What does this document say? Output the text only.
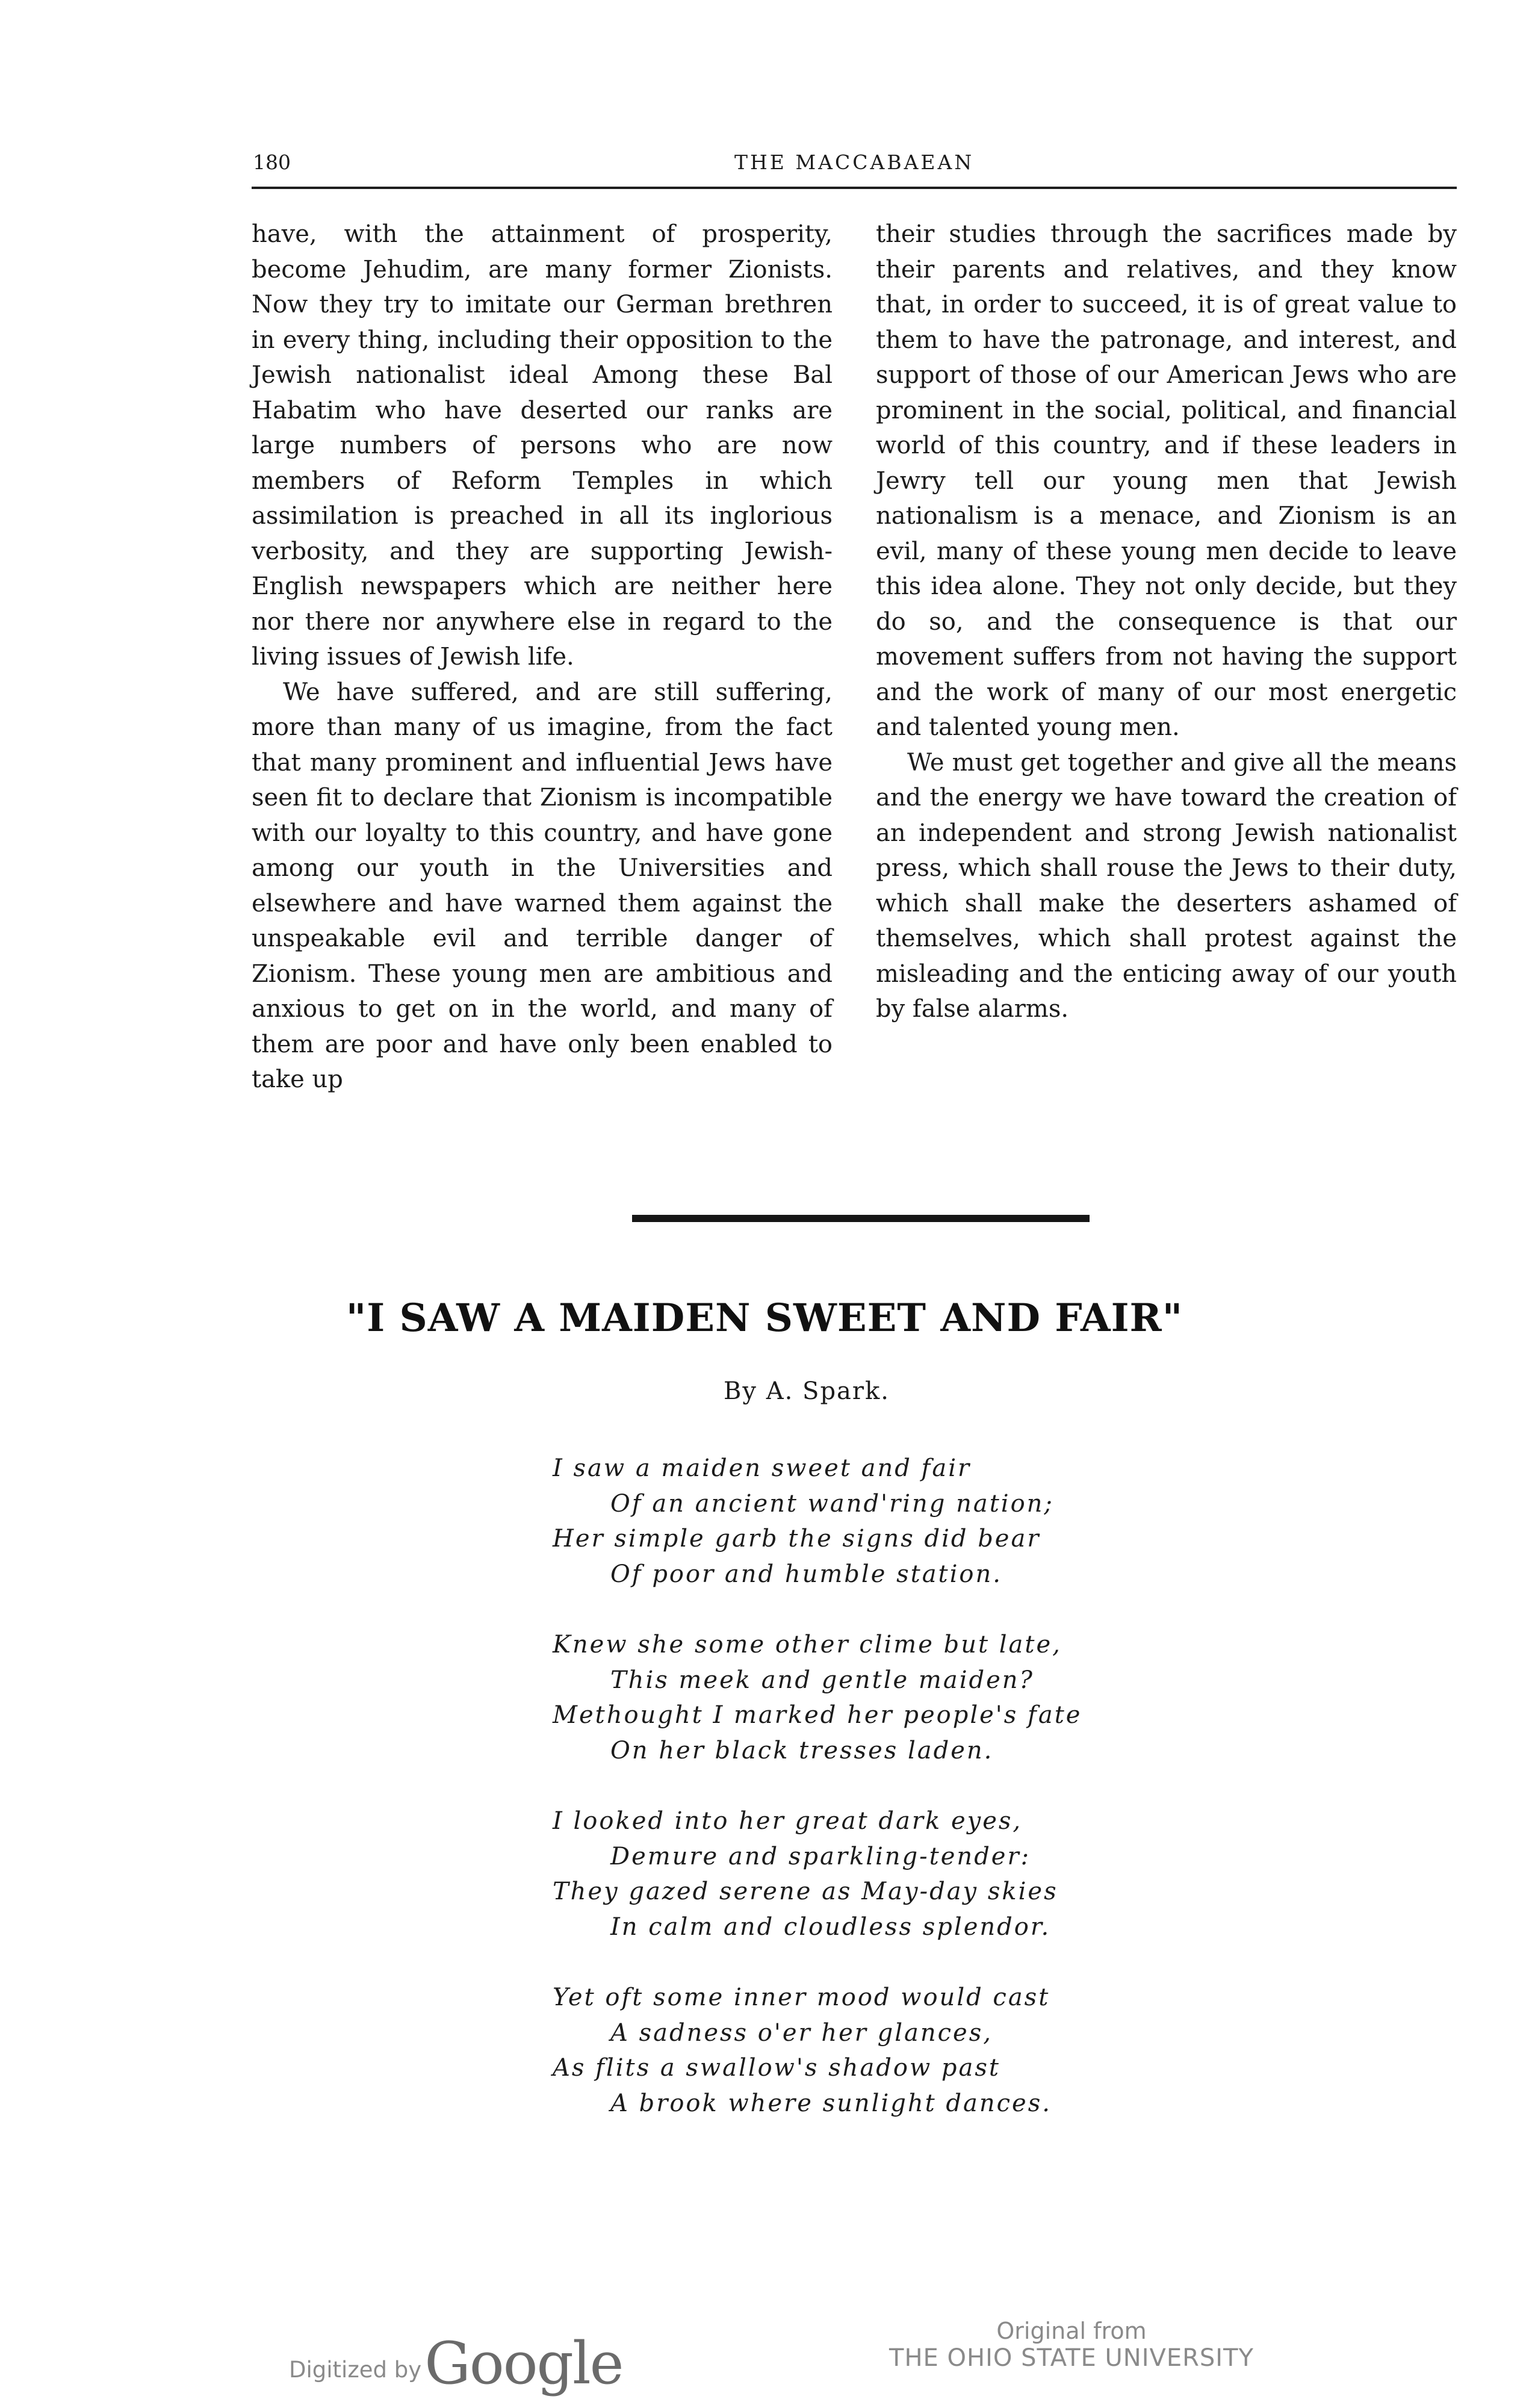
180	THE MACCABAEAN

have, with the attainment of prosperity, become Jehudim, are many former Zionists. Now they try to imitate our German brethren in every thing, including their opposition to the Jewish nationalist ideal Among these Bal Habatim who have deserted our ranks are large numbers of persons who are now members of Reform Temples in which assimilation is preached in all its inglorious verbosity, and they are supporting Jewish-English newspapers which are neither here nor there nor anywhere else in regard to the living issues of Jewish life.

We have suffered, and are still suffering, more than many of us imagine, from the fact that many prominent and influential Jews have seen fit to declare that Zionism is incompatible with our loyalty to this country, and have gone among our youth in the Universities and elsewhere and have warned them against the unspeakable evil and terrible danger of Zionism. These young men are ambitious and anxious to get on in the world, and many of them are poor and have only been enabled to take up

their studies through the sacrifices made by their parents and relatives, and they know that, in order to succeed, it is of great value to them to have the patronage, and interest, and support of those of our American Jews who are prominent in the social, political, and financial world of this country, and if these leaders in Jewry tell our young men that Jewish nationalism is a menace, and Zionism is an evil, many of these young men decide to leave this idea alone. They not only decide, but they do so, and the consequence is that our movement suffers from not having the support and the work of many of our most energetic and talented young men.

We must get together and give all the means and the energy we have toward the creation of an independent and strong Jewish nationalist press, which shall rouse the Jews to their duty, which shall make the deserters ashamed of themselves, which shall protest against the misleading and the enticing away of our youth by false alarms.

"I SAW A MAIDEN SWEET AND FAIR"
By A. Spark.
I saw a maiden sweet and fair
Of an ancient wand'ring nation;
Her simple garb the signs did bear
Of poor and humble station.
Knew she some other clime but late,
This meek and gentle maiden?
Methought I marked her people's fate
On her black tresses laden.
I looked into her great dark eyes,
Demure and sparkling-tender:
They gazed serene as May-day skies
In calm and cloudless splendor.
Yet oft some inner mood would cast
A sadness o'er her glances,
As flits a swallow's shadow past
A brook where sunlight dances.
Digitized by Google	Original from
THE OHIO STATE UNIVERSITY
